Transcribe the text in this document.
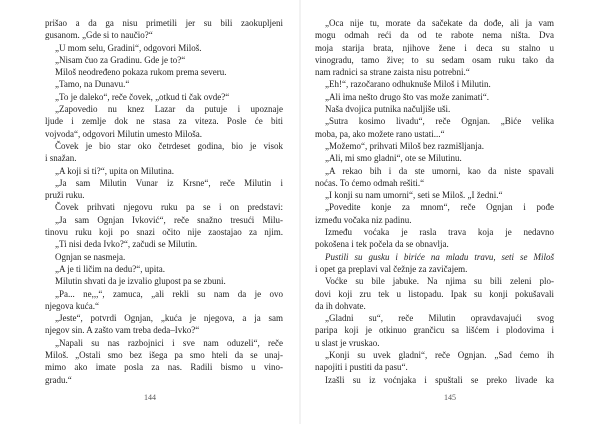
prišao a da ga nisu primetili jer su bili zaokupljeni
gusanom. „Gde si to naučio?“
„U mom selu, Gradini“, odgovori Miloš.
„Nisam čuo za Gradinu. Gde je to?“
Miloš neodređeno pokaza rukom prema severu.
„Tamo, na Dunavu.“
„To je daleko“, reče čovek, „otkud ti čak ovde?“
„Zapovedio nu knez Lazar da putuje i upoznaje
ljude i zemlje dok ne stasa za viteza. Posle će biti
vojvoda“, odgovori Milutin umesto Miloša.
Čovek je bio star oko četrdeset godina, bio je visok
i snažan.
„A koji si ti?“, upita on Milutina.
„Ja sam Milutin Vunar iz Krsne“, reče Milutin i
pruži ruku.
Čovek prihvati njegovu ruku pa se i on predstavi:
„Ja sam Ognjan Ivković“, reče snažno tresući Milu-
tinovu ruku koji po snazi očito nije zaostajao za njim.
„Ti nisi deda Ivko?“, začudi se Milutin.
Ognjan se nasmeja.
„A je ti ličim na dedu?“, upita.
Milutin shvati da je izvalio glupost pa se zbuni.
„Pa... ne,,,“, zamuca, „ali rekli su nam da je ovo
njegova kuća.“
„Jeste“, potvrdi Ognjan, „kuća je njegova, a ja sam
njegov sin. A zašto vam treba deda–Ivko?“
„Napali su nas razbojnici i sve nam oduzeli“, reče
Miloš. „Ostali smo bez išega pa smo hteli da se unaj-
mimo ako imate posla za nas. Radili bismo u vino-
gradu.“
144
„Oca nije tu, morate da sačekate da dođe, ali ja vam
mogu odmah reći da od te rabote nema ništa. Dva
moja starija brata, njihove žene i deca su stalno u
vinogradu, tamo žive; to su sedam osam ruku tako da
nam radnici sa strane zaista nisu potrebni.“
„Eh!“, razočarano odhuknuše Miloš i Milutin.
„Ali ima nešto drugo što vas može zanimati“.
Naša dvojica putnika načuljiše uši.
„Sutra kosimo livadu“, reče Ognjan. „Biće velika
moba, pa, ako možete rano ustati...“
„Možemo“, prihvati Miloš bez razmišljanja.
„Ali, mi smo gladni“, ote se Milutinu.
„A rekao bih i da ste umorni, kao da niste spavali
noćas. To ćemo odmah rešiti.“
„I konji su nam umorni“, seti se Miloš. „I žedni.“
„Povedite konje za mnom“, reče Ognjan i pođe
između vočaka niz padinu.
Između voćaka je rasla trava koja je nedavno
pokošena i tek počela da se obnavlja.
Pustili su gusku i biriće na mladu travu, seti se Miloš
i opet ga preplavi val čežnje za zavičajem.
Voćke su bile jabuke. Na njima su bili zeleni plo-
dovi koji zru tek u listopadu. Ipak su konji pokušavali
da ih dohvate.
„Gladni su“, reče Milutin opravdavajući svog
paripa koji je otkinuo grančicu sa lišćem i plodovima i
u slast je vruskao.
„Konji su uvek gladni“, reče Ognjan. „Sad ćemo ih
napojiti i pustiti da pasu“.
Izašli su iz voćnjaka i spuštali se preko livade ka
145
